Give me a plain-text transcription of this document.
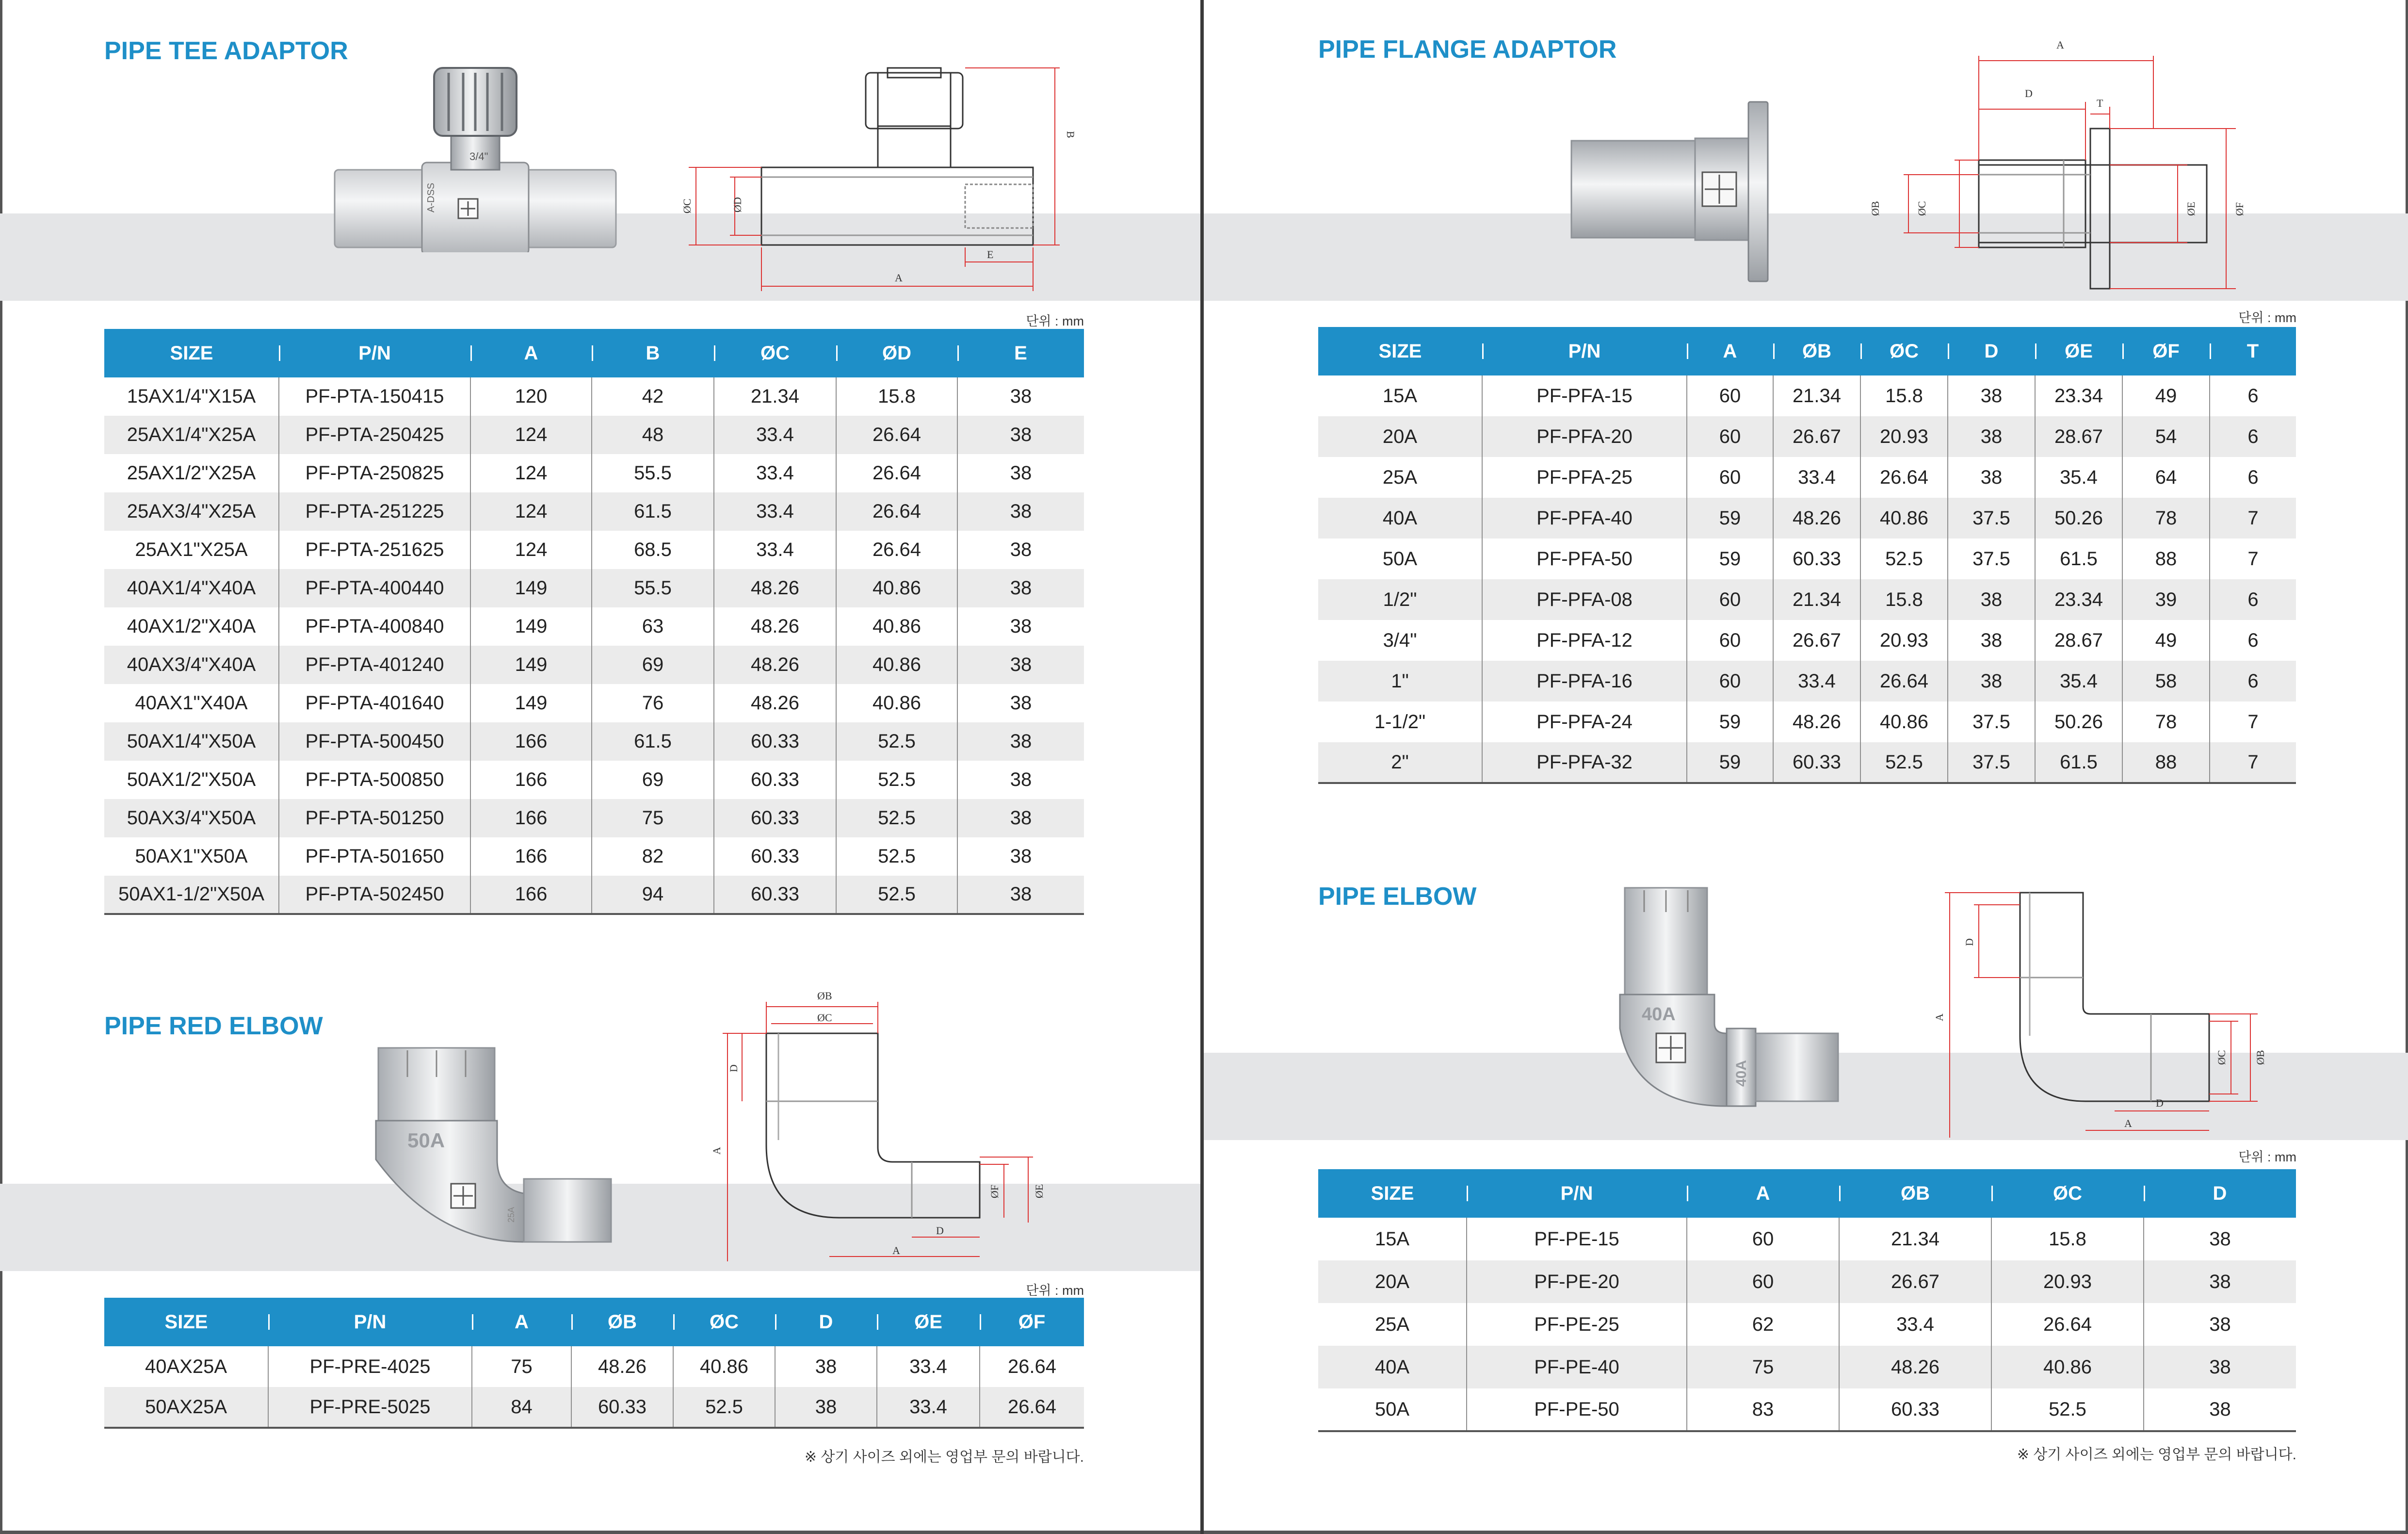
PIPE TEE ADAPTOR
A-DSS
3/4"
A
B
ØC	ØD
E
단위 : mm
SIZE	P/N	A	B	ØC	ØD	E
15AX1/4"X15A	PF-PTA-150415	120	42	21.34	15.8	38
25AX1/4"X25A	PF-PTA-250425	124	48	33.4	26.64	38
25AX1/2"X25A	PF-PTA-250825	124	55.5	33.4	26.64	38
25AX3/4"X25A	PF-PTA-251225	124	61.5	33.4	26.64	38
25AX1"X25A	PF-PTA-251625	124	68.5	33.4	26.64	38
40AX1/4"X40A	PF-PTA-400440	149	55.5	48.26	40.86	38
40AX1/2"X40A	PF-PTA-400840	149	63	48.26	40.86	38
40AX3/4"X40A	PF-PTA-401240	149	69	48.26	40.86	38
40AX1"X40A	PF-PTA-401640	149	76	48.26	40.86	38
50AX1/4"X50A	PF-PTA-500450	166	61.5	60.33	52.5	38
50AX1/2"X50A	PF-PTA-500850	166	69	60.33	52.5	38
50AX3/4"X50A	PF-PTA-501250	166	75	60.33	52.5	38
50AX1"X50A	PF-PTA-501650	166	82	60.33	52.5	38
50AX1-1/2"X50A	PF-PTA-502450	166	94	60.33	52.5	38
PIPE RED ELBOW
50A
25A
ØB
ØC
A
D
ØF	ØE
D
A
단위 : mm
SIZE	P/N	A	ØB	ØC	D	ØE	ØF
40AX25A	PF-PRE-4025	75	48.26	40.86	38	33.4	26.64
50AX25A	PF-PRE-5025	84	60.33	52.5	38	33.4	26.64
※ 상기 사이즈 외에는 영업부 문의 바랍니다.
PIPE FLANGE ADAPTOR	A
D
T
ØB	ØC	ØE	ØF
단위 : mm
SIZE	P/N	A	ØB	ØC	D	ØE	ØF	T
15A	PF-PFA-15	60	21.34	15.8	38	23.34	49	6
20A	PF-PFA-20	60	26.67	20.93	38	28.67	54	6
25A	PF-PFA-25	60	33.4	26.64	38	35.4	64	6
40A	PF-PFA-40	59	48.26	40.86	37.5	50.26	78	7
50A	PF-PFA-50	59	60.33	52.5	37.5	61.5	88	7
1/2"	PF-PFA-08	60	21.34	15.8	38	23.34	39	6
3/4"	PF-PFA-12	60	26.67	20.93	38	28.67	49	6
1"	PF-PFA-16	60	33.4	26.64	38	35.4	58	6
1-1/2"	PF-PFA-24	59	48.26	40.86	37.5	50.26	78	7
2"	PF-PFA-32	59	60.33	52.5	37.5	61.5	88	7
PIPE ELBOW
40A
40A
A
D
ØC	ØB
D
A
단위 : mm
SIZE	P/N	A	ØB	ØC	D
15A	PF-PE-15	60	21.34	15.8	38
20A	PF-PE-20	60	26.67	20.93	38
25A	PF-PE-25	62	33.4	26.64	38
40A	PF-PE-40	75	48.26	40.86	38
50A	PF-PE-50	83	60.33	52.5	38
※ 상기 사이즈 외에는 영업부 문의 바랍니다.
